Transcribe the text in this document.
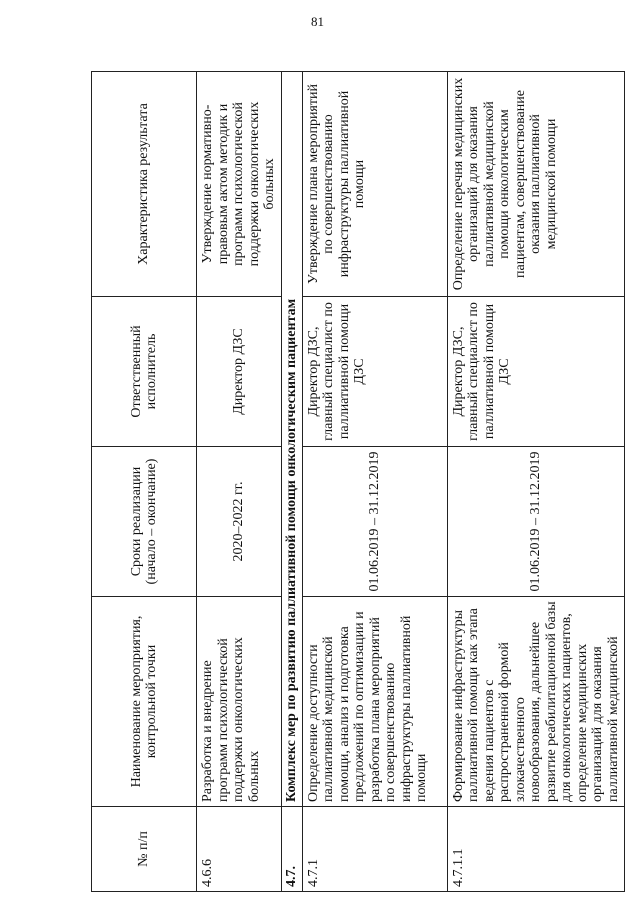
81
№ п/п	Наименование мероприятия, контрольной точки	Сроки реализации (начало – окончание)	Ответственный исполнитель	Характеристика результата
4.6.6	Разработка и внедрение программ психологической поддержки онкологических больных	2020–2022 гг.	Директор ДЗС	Утверждение нормативно-правовым актом методик и программ психологической поддержки онкологических больных
4.7.	Комплекс мер по развитию паллиативной помощи онкологическим пациентам			
4.7.1	Определение доступности паллиативной медицинской помощи, анализ и подготовка предложений по оптимизации и разработка плана мероприятий по совершенствованию инфраструктуры паллиативной помощи	01.06.2019 – 31.12.2019	Директор ДЗС, главный специалист по паллиативной помощи ДЗС	Утверждение плана мероприятий по совершенствованию инфраструктуры паллиативной помощи
4.7.1.1	Формирование инфраструктуры паллиативной помощи как этапа ведения пациентов с распространенной формой злокачественного новообразования, дальнейшее развитие реабилитационной базы для онкологических пациентов, определение медицинских организаций для оказания паллиативной медицинской	01.06.2019 – 31.12.2019	Директор ДЗС, главный специалист по паллиативной помощи ДЗС	Определение перечня медицинских организаций для оказания паллиативной медицинской помощи онкологическим пациентам, совершенствование оказания паллиативной медицинской помощи
